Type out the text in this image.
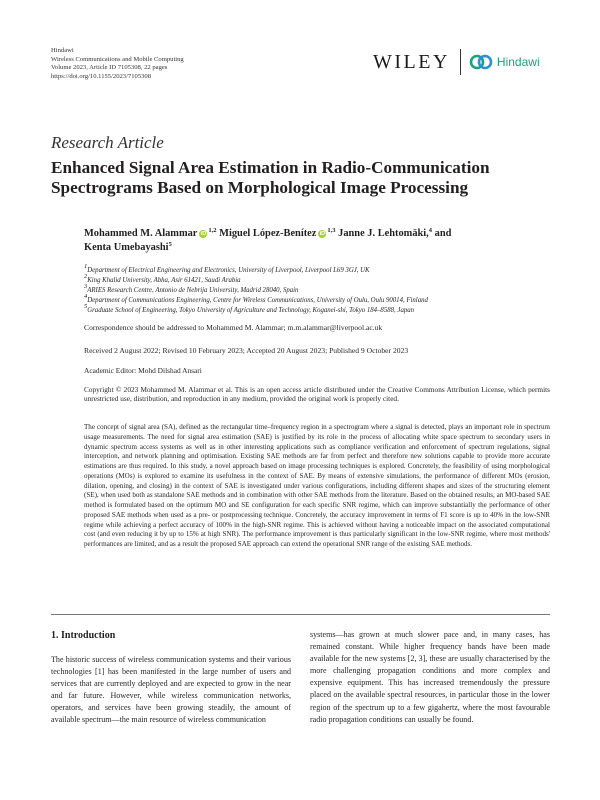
Hindawi
Wireless Communications and Mobile Computing
Volume 2023, Article ID 7105308, 22 pages
https://doi.org/10.1155/2023/7105308
WILEY	Hindawi
Research Article
Enhanced Signal Area Estimation in Radio-Communication Spectrograms Based on Morphological Image Processing
Mohammed M. Alammar iD $^{1,2}$ Miguel López-Benítez iD $^{1,3}$ Janne J. Lehtomäki,$^4$ and
Kenta Umebayashi$^5$
$^1$Department of Electrical Engineering and Electronics, University of Liverpool, Liverpool L69 3GJ, UK
$^2$King Khalid University, Abha, Asir 61421, Saudi Arabia
$^3$ARIES Research Centre, Antonio de Nebrija University, Madrid 28040, Spain
$^4$Department of Communications Engineering, Centre for Wireless Communications, University of Oulu, Oulu 90014, Finland
$^5$Graduate School of Engineering, Tokyo University of Agriculture and Technology, Koganei-shi, Tokyo 184–8588, Japan
Correspondence should be addressed to Mohammed M. Alammar; m.m.alammar@liverpool.ac.uk
Received 2 August 2022; Revised 10 February 2023; Accepted 20 August 2023; Published 9 October 2023
Academic Editor: Mohd Dilshad Ansari
Copyright © 2023 Mohammed M. Alammar et al. This is an open access article distributed under the Creative Commons Attribution License, which permits unrestricted use, distribution, and reproduction in any medium, provided the original work is properly cited.
The concept of signal area (SA), defined as the rectangular time–frequency region in a spectrogram where a signal is detected, plays an important role in spectrum usage measurements. The need for signal area estimation (SAE) is justified by its role in the process of allocating white space spectrum to secondary users in dynamic spectrum access systems as well as in other interesting applications such as compliance verification and enforcement of spectrum regulations, signal interception, and network planning and optimisation. Existing SAE methods are far from perfect and therefore new solutions capable to provide more accurate estimations are thus required. In this study, a novel approach based on image processing techniques is explored. Concretely, the feasibility of using morphological operations (MOs) is explored to examine its usefulness in the context of SAE. By means of extensive simulations, the performance of different MOs (erosion, dilation, opening, and closing) in the context of SAE is investigated under various configurations, including different shapes and sizes of the structuring element (SE), when used both as standalone SAE methods and in combination with other SAE methods from the literature. Based on the obtained results, an MO-based SAE method is formulated based on the optimum MO and SE configuration for each specific SNR regime, which can improve substantially the performance of other proposed SAE methods when used as a pre- or postprocessing technique. Concretely, the accuracy improvement in terms of F1 score is up to 40% in the low-SNR regime while achieving a perfect accuracy of 100% in the high-SNR regime. This is achieved without having a noticeable impact on the associated computational cost (and even reducing it by up to 15% at high SNR). The performance improvement is thus particularly significant in the low-SNR regime, where most methods' performances are limited, and as a result the proposed SAE approach can extend the operational SNR range of the existing SAE methods.
1. Introduction
The historic success of wireless communication systems and their various technologies [1] has been manifested in the large number of users and services that are currently deployed and are expected to grow in the near and far future. However, while wireless communication networks, operators, and services have been growing steadily, the amount of available spectrum—the main resource of wireless communication
systems—has grown at much slower pace and, in many cases, has remained constant. While higher frequency bands have been made available for the new systems [2, 3], these are usually characterised by the more challenging propagation conditions and more complex and expensive equipment. This has increased tremendously the pressure placed on the available spectral resources, in particular those in the lower region of the spectrum up to a few gigahertz, where the most favourable radio propagation conditions can usually be found.
